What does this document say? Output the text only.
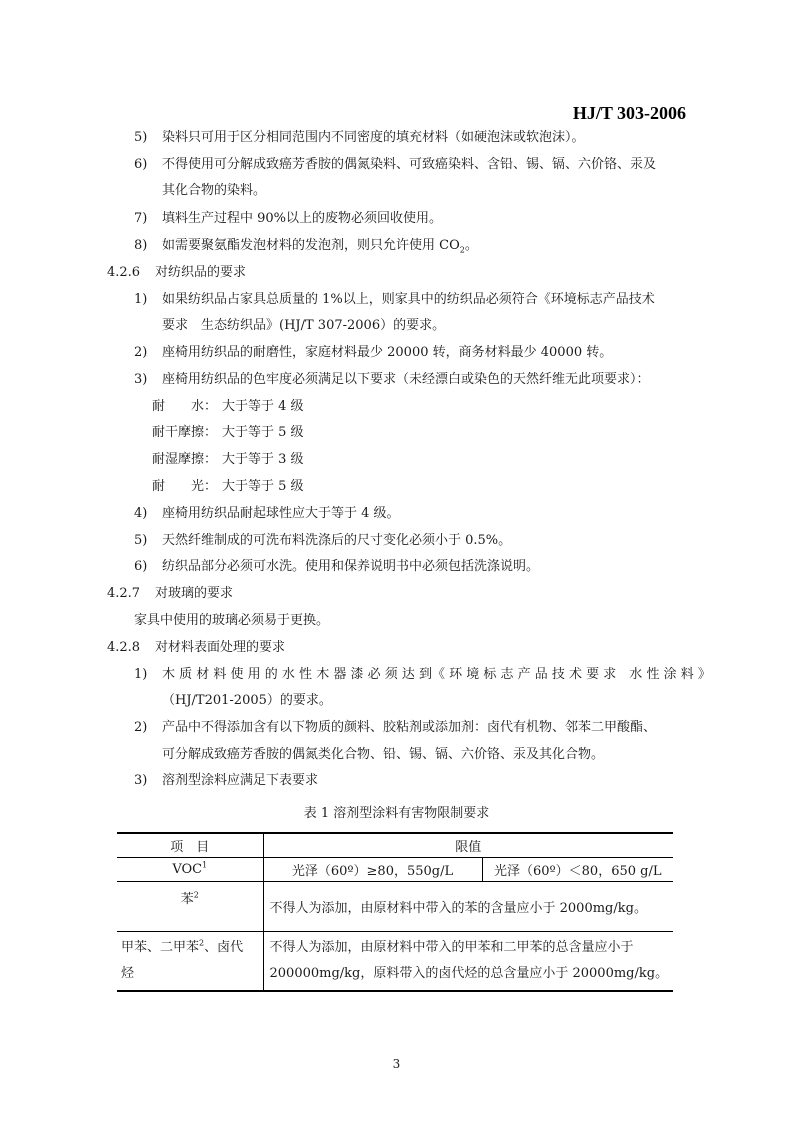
HJ/T 303-2006
5) 染料只可用于区分相同范围内不同密度的填充材料（如硬泡沫或软泡沫）。
6) 不得使用可分解成致癌芳香胺的偶氮染料、可致癌染料、含铅、锡、镉、六价铬、汞及
其化合物的染料。
7) 填料生产过程中 90%以上的废物必须回收使用。
8) 如需要聚氨酯发泡材料的发泡剂，则只允许使用 $CO_2$。
4.2.6 对纺织品的要求
1) 如果纺织品占家具总质量的 1%以上，则家具中的纺织品必须符合《环境标志产品技术
要求　生态纺织品》(HJ/T 307-2006）的要求。
2) 座椅用纺织品的耐磨性，家庭材料最少 20000 转，商务材料最少 40000 转。
3) 座椅用纺织品的色牢度必须满足以下要求（未经漂白或染色的天然纤维无此项要求）：
耐　　水： 大于等于 4 级
耐干摩擦： 大于等于 5 级
耐湿摩擦： 大于等于 3 级
耐　　光： 大于等于 5 级
4) 座椅用纺织品耐起球性应大于等于 4 级。
5) 天然纤维制成的可洗布料洗涤后的尺寸变化必须小于 0.5%。
6) 纺织品部分必须可水洗。使用和保养说明书中必须包括洗涤说明。
4.2.7 对玻璃的要求
家具中使用的玻璃必须易于更换。
4.2.8 对材料表面处理的要求
1) 木 质 材 料 使 用 的 水 性 木 器 漆 必 须 达 到《 环 境 标 志 产 品 技 术 要 求　水 性 涂 料 》
（HJ/T201-2005）的要求。
2) 产品中不得添加含有以下物质的颜料、胶粘剂或添加剂：卤代有机物、邻苯二甲酸酯、
可分解成致癌芳香胺的偶氮类化合物、铅、锡、镉、六价铬、汞及其化合物。
3) 溶剂型涂料应满足下表要求
表 1 溶剂型涂料有害物限制要求
项　目	限值	
VOC$^1$	光泽（60º）≥80，550g/L	光泽（60º）＜80，650 g/L
苯$^2$	不得人为添加，由原材料中带入的苯的含量应小于 2000mg/kg。	
甲苯、二甲苯$^2$、卤代
烃	不得人为添加，由原材料中带入的甲苯和二甲苯的总含量应小于
200000mg/kg，原料带入的卤代烃的总含量应小于 20000mg/kg。	
3
